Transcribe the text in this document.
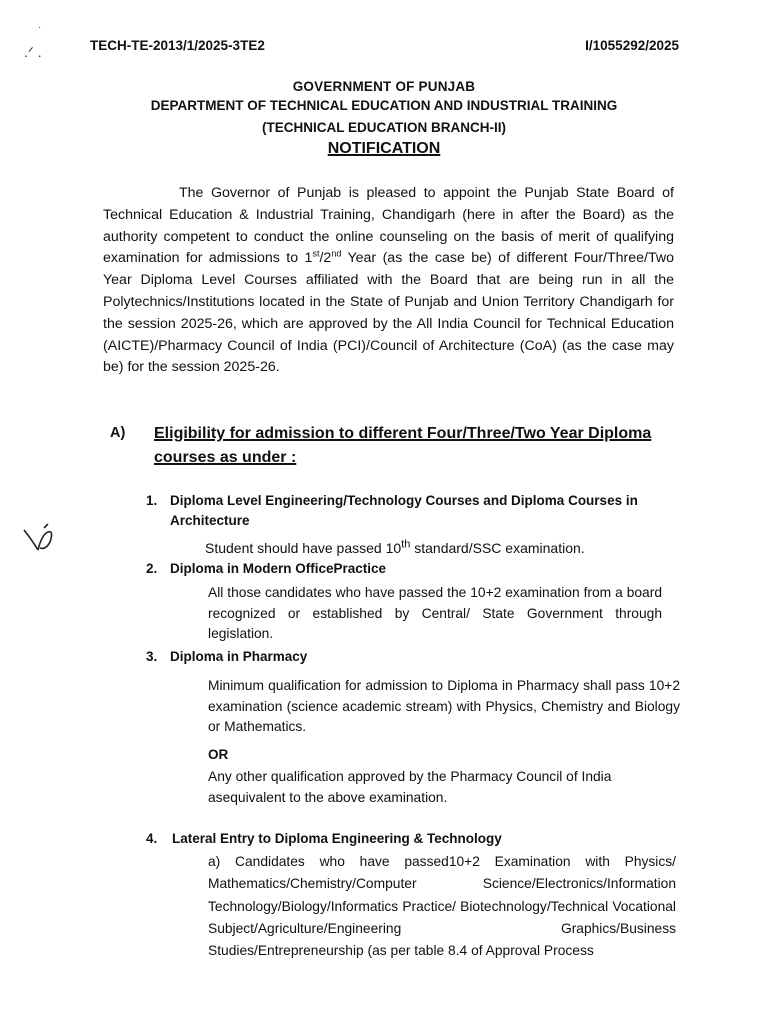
·
.ᐟ .	TECH-TE-2013/1/2025-3TE2	I/1055292/2025
GOVERNMENT OF PUNJAB
DEPARTMENT OF TECHNICAL EDUCATION AND INDUSTRIAL TRAINING
(TECHNICAL EDUCATION BRANCH-II)
NOTIFICATION
The Governor of Punjab is pleased to appoint the Punjab State Board of Technical Education & Industrial Training, Chandigarh (here in after the Board) as the authority competent to conduct the online counseling on the basis of merit of qualifying examination for admissions to 1st/2nd Year (as the case be) of different Four/Three/Two Year Diploma Level Courses affiliated with the Board that are being run in all the Polytechnics/Institutions located in the State of Punjab and Union Territory Chandigarh for the session 2025-26, which are approved by the All India Council for Technical Education (AICTE)/Pharmacy Council of India (PCI)/Council of Architecture (CoA) (as the case may be) for the session 2025-26.
A) Eligibility for admission to different Four/Three/Two Year Diploma courses as under :
1. Diploma Level Engineering/Technology Courses and Diploma Courses in Architecture
Student should have passed 10th standard/SSC examination.
2. Diploma in Modern OfficePractice
All those candidates who have passed the 10+2 examination from a board recognized or established by Central/ State Government through legislation.
3. Diploma in Pharmacy
Minimum qualification for admission to Diploma in Pharmacy shall pass 10+2 examination (science academic stream) with Physics, Chemistry and Biology or Mathematics.
OR
Any other qualification approved by the Pharmacy Council of India asequivalent to the above examination.
4. Lateral Entry to Diploma Engineering & Technology
a) Candidates who have passed10+2 Examination with Physics/ Mathematics/Chemistry/Computer Science/Electronics/Information Technology/Biology/Informatics Practice/ Biotechnology/Technical Vocational Subject/Agriculture/Engineering Graphics/Business Studies/Entrepreneurship (as per table 8.4 of Approval Process
